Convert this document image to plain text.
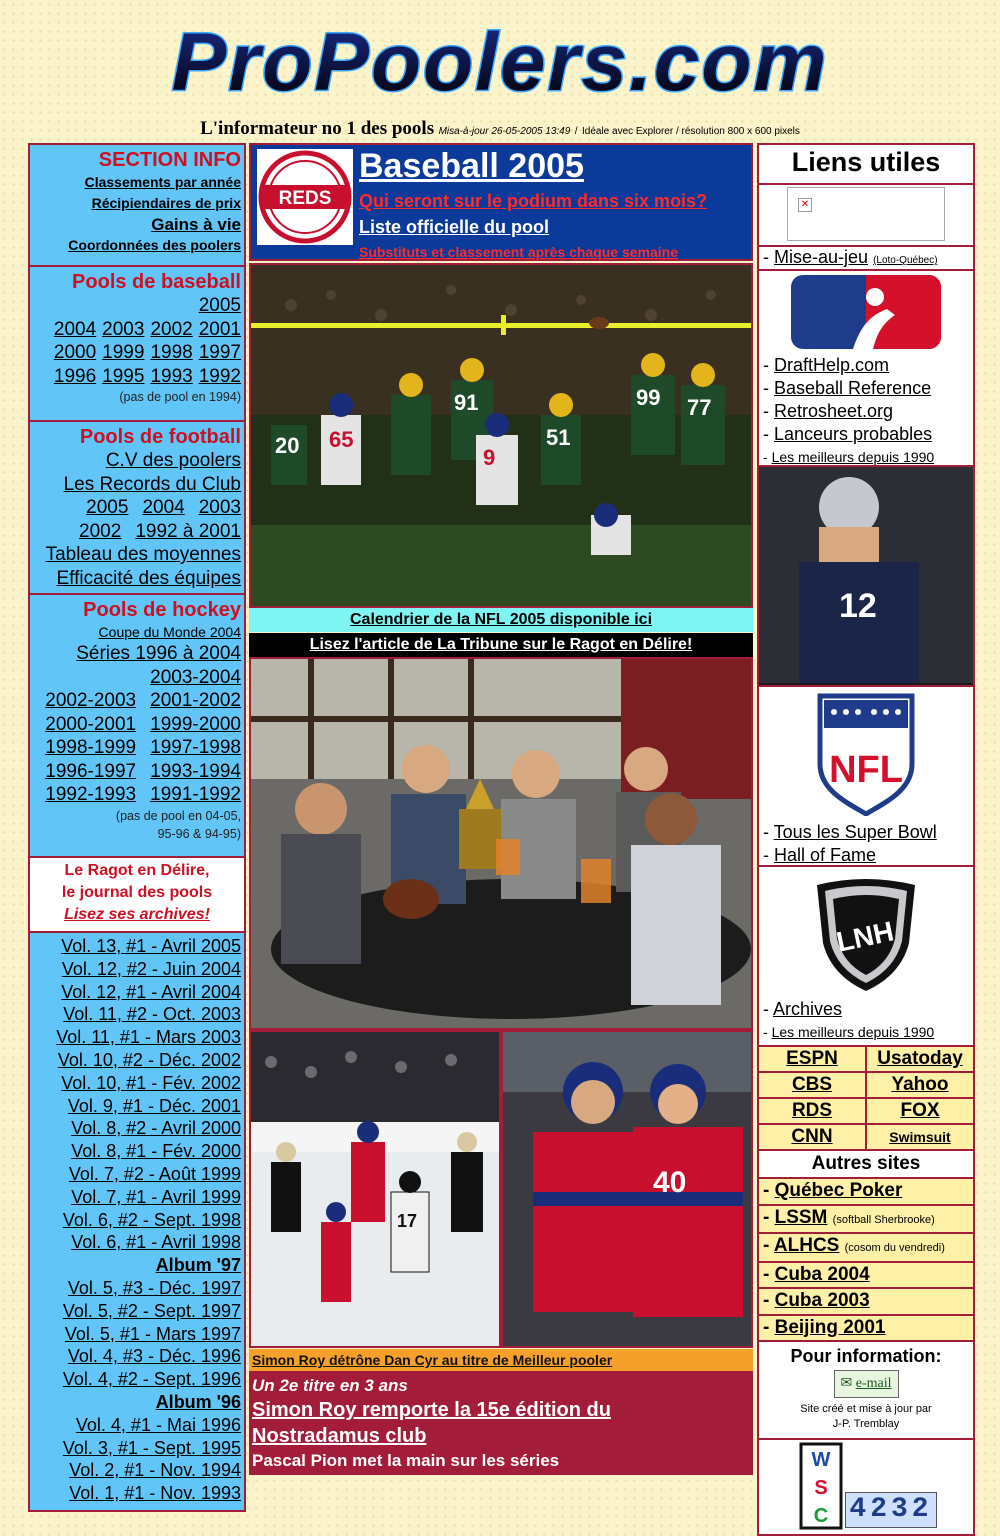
ProPoolers.com
L'informateur no 1 des pools Misa-à-jour 26-05-2005 13:49 / Idéale avec Explorer / résolution 800 x 600 pixels
SECTION INFO
Classements par année
Récipiendaires de prix
Gains à vie
Coordonnées des poolers
Pools de baseball
2005
2004 2003 2002 2001
2000 1999 1998 1997
1996 1995 1993 1992
(pas de pool en 1994)
Pools de football
C.V des poolers
Les Records du Club
2005 2004 2003
2002 1992 à 2001
Tableau des moyennes
Efficacité des équipes
Pools de hockey
Coupe du Monde 2004
Séries 1996 à 2004
2003-2004
2002-2003 2001-2002
2000-2001 1999-2000
1998-1999 1997-1998
1996-1997 1993-1994
1992-1993 1991-1992
(pas de pool en 04-05,
95-96 & 94-95)
Le Ragot en Délire,
le journal des pools
Lisez ses archives!
Vol. 13, #1 - Avril 2005
Vol. 12, #2 - Juin 2004
Vol. 12, #1 - Avril 2004
Vol. 11, #2 - Oct. 2003
Vol. 11, #1 - Mars 2003
Vol. 10, #2 - Déc. 2002
Vol. 10, #1 - Fév. 2002
Vol. 9, #1 - Déc. 2001
Vol. 8, #2 - Avril 2000
Vol. 8, #1 - Fév. 2000
Vol. 7, #2 - Août 1999
Vol. 7, #1 - Avril 1999
Vol. 6, #2 - Sept. 1998
Vol. 6, #1 - Avril 1998
Album '97
Vol. 5, #3 - Déc. 1997
Vol. 5, #2 - Sept. 1997
Vol. 5, #1 - Mars 1997
Vol. 4, #3 - Déc. 1996
Vol. 4, #2 - Sept. 1996
Album '96
Vol. 4, #1 - Mai 1996
Vol. 3, #1 - Sept. 1995
Vol. 2, #1 - Nov. 1994
Vol. 1, #1 - Nov. 1993
REDS
Baseball 2005
Qui seront sur le podium dans six mois?
Liste officielle du pool
Substituts et classement après chaque semaine
65
9
91
51
99 77
20
Calendrier de la NFL 2005 disponible ici
Lisez l'article de La Tribune sur le Ragot en Délire!
17
40
Simon Roy détrône Dan Cyr au titre de Meilleur pooler
Un 2e titre en 3 ans
Simon Roy remporte la 15e édition du
Nostradamus club
Pascal Pion met la main sur les séries
Liens utiles
✕
- Mise-au-jeu (Loto-Québec)
- DraftHelp.com
- Baseball Reference
- Retrosheet.org
- Lanceurs probables
- Les meilleurs depuis 1990
12
NFL
- Tous les Super Bowl
- Hall of Fame
LNH
- Archives
- Les meilleurs depuis 1990
ESPN	Usatoday
CBS	Yahoo
RDS	FOX
CNN	Swimsuit
Autres sites
- Québec Poker
- LSSM (softball Sherbrooke)
- ALHCS (cosom du vendredi)
- Cuba 2004
- Cuba 2003
- Beijing 2001
Pour information:
✉ e-mail
Site créé et mise à jour par
J-P. Tremblay
W
S
C 4232
